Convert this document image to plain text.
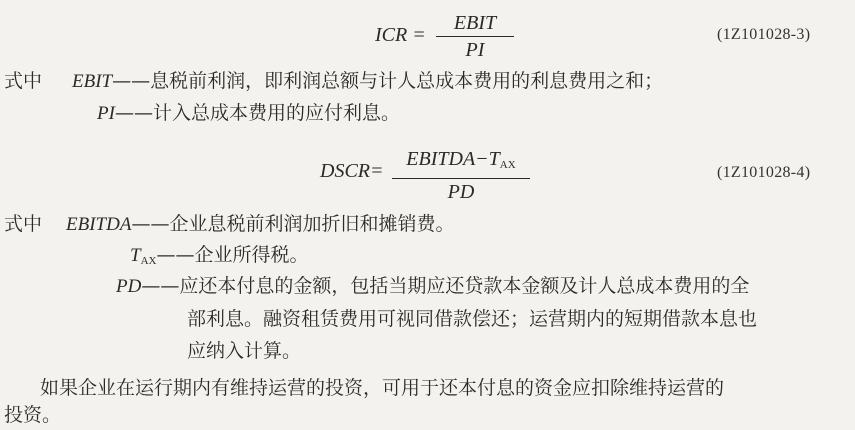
ICR =
EBIT
PI
(1Z101028-3)
式中 EBIT——息税前利润，即利润总额与计人总成本费用的利息费用之和；
PI——计入总成本费用的应付利息。
DSCR=
$EBITDA-T_{AX}$
PD
(1Z101028-4)
式中 EBITDA——企业息税前利润加折旧和摊销费。
$T_{AX}——$企业所得税。
PD——应还本付息的金额，包括当期应还贷款本金额及计人总成本费用的全
部利息。融资租赁费用可视同借款偿还；运营期内的短期借款本息也
应纳入计算。
如果企业在运行期内有维持运营的投资，可用于还本付息的资金应扣除维持运营的
投资。
